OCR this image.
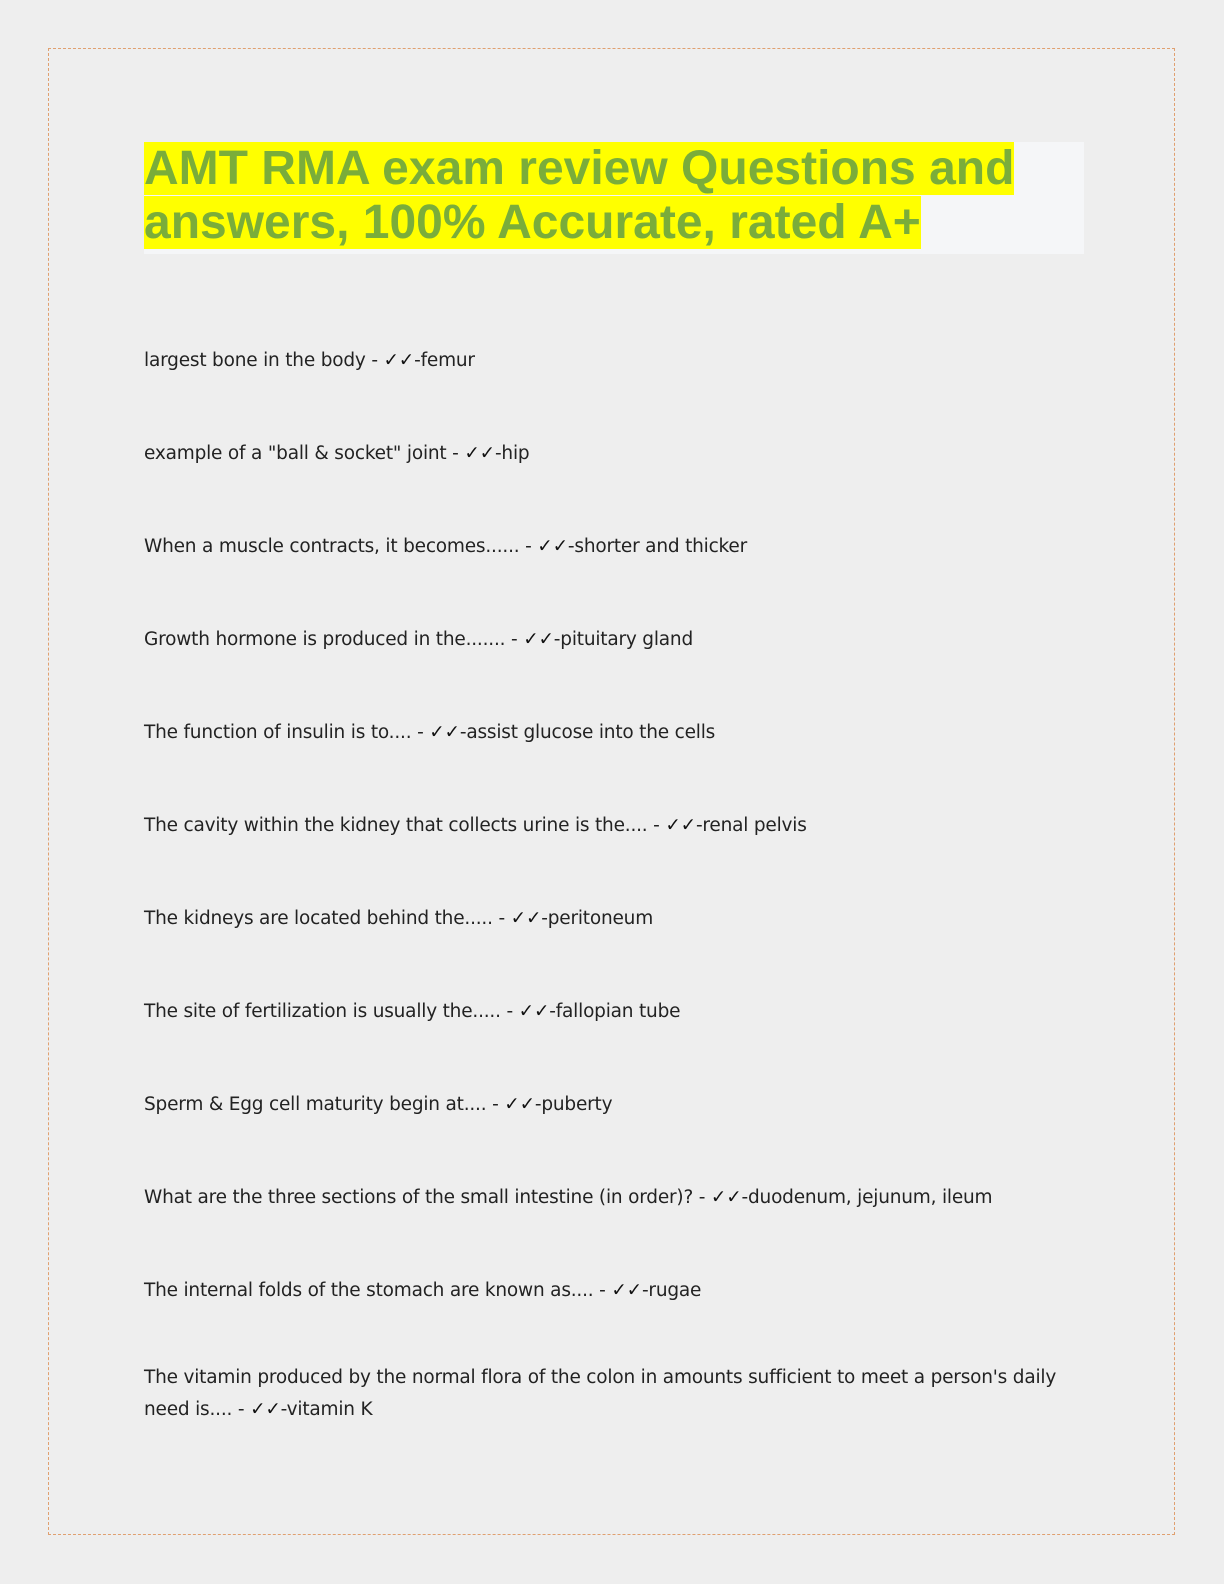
AMT RMA exam review Questions and answers, 100% Accurate, rated A+
largest bone in the body - ✓✓-femur
example of a "ball & socket" joint - ✓✓-hip
When a muscle contracts, it becomes...... - ✓✓-shorter and thicker
Growth hormone is produced in the....... - ✓✓-pituitary gland
The function of insulin is to.... - ✓✓-assist glucose into the cells
The cavity within the kidney that collects urine is the.... - ✓✓-renal pelvis
The kidneys are located behind the..... - ✓✓-peritoneum
The site of fertilization is usually the..... - ✓✓-fallopian tube
Sperm & Egg cell maturity begin at.... - ✓✓-puberty
What are the three sections of the small intestine (in order)? - ✓✓-duodenum, jejunum, ileum
The internal folds of the stomach are known as.... - ✓✓-rugae
The vitamin produced by the normal flora of the colon in amounts sufficient to meet a person's daily need is.... - ✓✓-vitamin K
